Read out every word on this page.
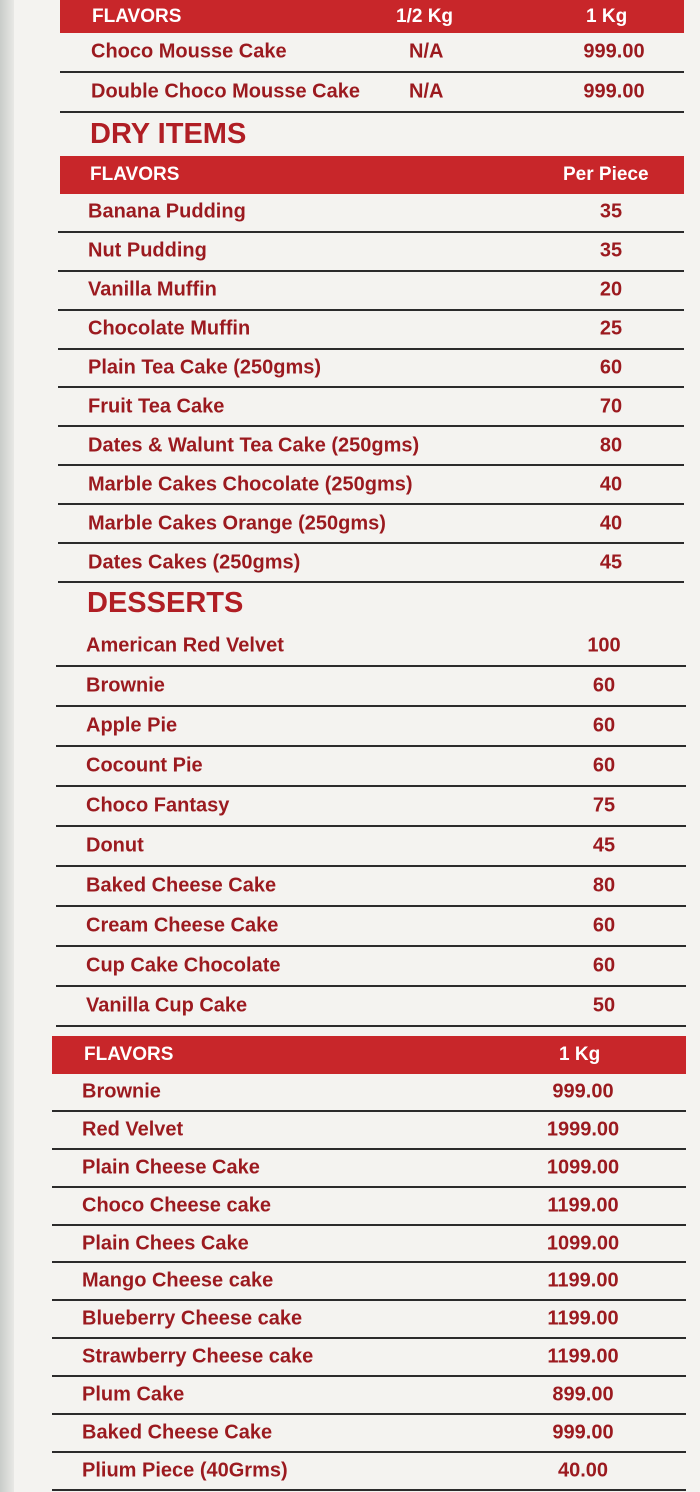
FLAVORS	1/2 Kg	1 Kg
Choco Mousse Cake	N/A	999.00
Double Choco Mousse Cake N/A	999.00
DRY ITEMS
FLAVORS	Per Piece
Banana Pudding	35
Nut Pudding	35
Vanilla Muffin	20
Chocolate Muffin	25
Plain Tea Cake (250gms)	60
Fruit Tea Cake	70
Dates & Walunt Tea Cake (250gms)	80
Marble Cakes Chocolate (250gms)	40
Marble Cakes Orange (250gms)	40
Dates Cakes (250gms)	45
DESSERTS
American Red Velvet	100
Brownie	60
Apple Pie	60
Cocount Pie	60
Choco Fantasy	75
Donut	45
Baked Cheese Cake	80
Cream Cheese Cake	60
Cup Cake Chocolate	60
Vanilla Cup Cake	50
FLAVORS	1 Kg
Brownie	999.00
Red Velvet	1999.00
Plain Cheese Cake	1099.00
Choco Cheese cake	1199.00
Plain Chees Cake	1099.00
Mango Cheese cake	1199.00
Blueberry Cheese cake	1199.00
Strawberry Cheese cake	1199.00
Plum Cake	899.00
Baked Cheese Cake	999.00
Plium Piece (40Grms)	40.00
